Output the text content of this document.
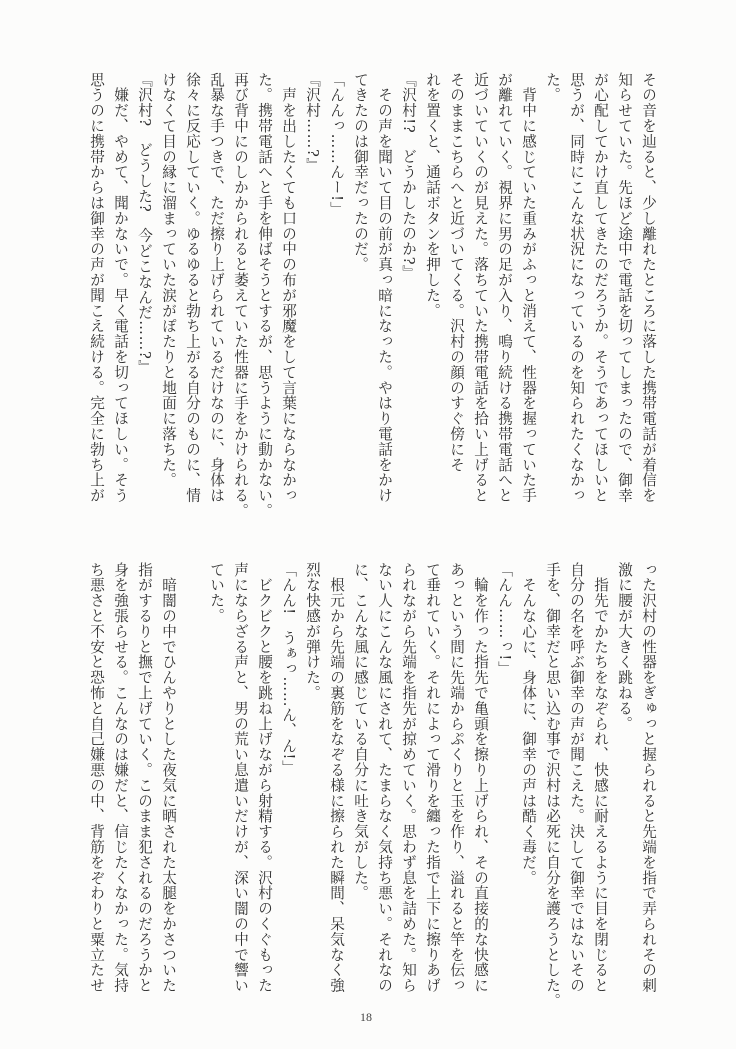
その音を辿ると、少し離れたところに落した携帯電話が着信を
知らせていた。先ほど途中で電話を切ってしまったので、御幸
が心配してかけ直してきたのだろうか。そうであってほしいと
思うが、同時にこんな状況になっているのを知られたくなかっ
た。
　背中に感じていた重みがふっと消えて、性器を握っていた手
が離れていく。視界に男の足が入り、鳴り続ける携帯電話へと
近づいていくのが見えた。落ちていた携帯電話を拾い上げると
そのままこちらへと近づいてくる。沢村の顔のすぐ傍にそ
れを置くと、通話ボタンを押した。
『沢村!?　どうかしたのか?』
　その声を聞いて目の前が真っ暗になった。やはり電話をかけ
てきたのは御幸だったのだ。
「んんっ……んー!」
『沢村……?』
　声を出したくても口の中の布が邪魔をして言葉にならなかっ
た。携帯電話へと手を伸ばそうとするが、思うように動かない。
再び背中にのしかかられると萎えていた性器に手をかけられる。
乱暴な手つきで、ただ擦り上げられているだけなのに、身体は
徐々に反応していく。ゆるゆると勃ち上がる自分のものに、情
けなくて目の縁に溜まっていた涙がぽたりと地面に落ちた。
『沢村?　どうした?　今どこなんだ……?』
　嫌だ、やめて、聞かないで。早く電話を切ってほしい。そう
思うのに携帯からは御幸の声が聞こえ続ける。完全に勃ち上が
った沢村の性器をぎゅっと握られると先端を指で弄られその刺
激に腰が大きく跳ねる。
　指先でかたちをなぞられ、快感に耐えるように目を閉じると
自分の名を呼ぶ御幸の声が聞こえた。決して御幸ではないその
手を、御幸だと思い込む事で沢村は必死に自分を護ろうとした。
　そんな心に、身体に、御幸の声は酷く毒だ。
「んん……っ!」
　輪を作った指先で亀頭を擦り上げられ、その直接的な快感に
あっという間に先端からぷくりと玉を作り、溢れると竿を伝っ
て垂れていく。それによって滑りを纏った指で上下に擦りあげ
られながら先端を指先が掠めていく。思わず息を詰めた。知ら
ない人にこんな風にされて、たまらなく気持ち悪い。それなの
に、こんな風に感じている自分に吐き気がした。
　根元から先端の裏筋をなぞる様に擦られた瞬間、呆気なく強
烈な快感が弾けた。
「んん!　うぁっ……ん、ん!」
　ビクビクと腰を跳ね上げながら射精する。沢村のくぐもった
声にならざる声と、男の荒い息遣いだけが、深い闇の中で響い
ていた。

　暗闇の中でひんやりとした夜気に晒された太腿をかさついた
指がするりと撫で上げていく。このまま犯されるのだろうかと
身を強張らせる。こんなのは嫌だと、信じたくなかった。気持
ち悪さと不安と恐怖と自己嫌悪の中、背筋をぞわりと粟立たせ
18
